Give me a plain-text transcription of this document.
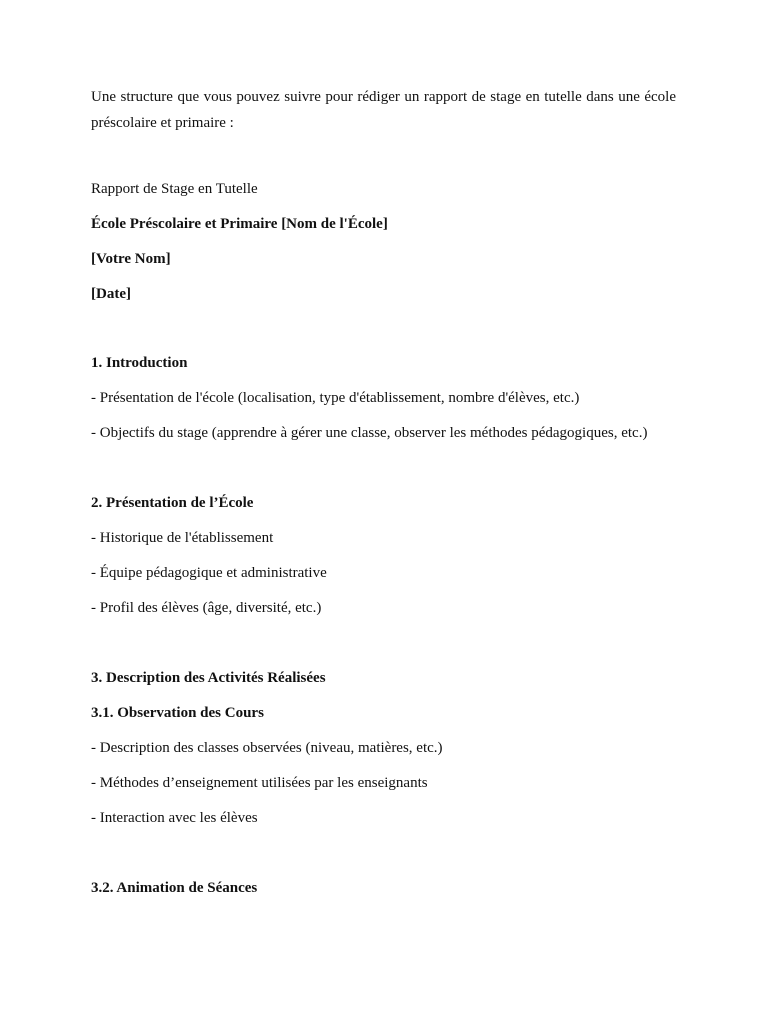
Une structure que vous pouvez suivre pour rédiger un rapport de stage en tutelle dans une école préscolaire et primaire :

Rapport de Stage en Tutelle
École Préscolaire et Primaire [Nom de l'École]
[Votre Nom]
[Date]
1. Introduction
- Présentation de l'école (localisation, type d'établissement, nombre d'élèves, etc.)
- Objectifs du stage (apprendre à gérer une classe, observer les méthodes pédagogiques, etc.)
2. Présentation de l’École
- Historique de l'établissement
- Équipe pédagogique et administrative
- Profil des élèves (âge, diversité, etc.)
3. Description des Activités Réalisées
3.1. Observation des Cours
- Description des classes observées (niveau, matières, etc.)
- Méthodes d’enseignement utilisées par les enseignants
- Interaction avec les élèves
3.2. Animation de Séances
